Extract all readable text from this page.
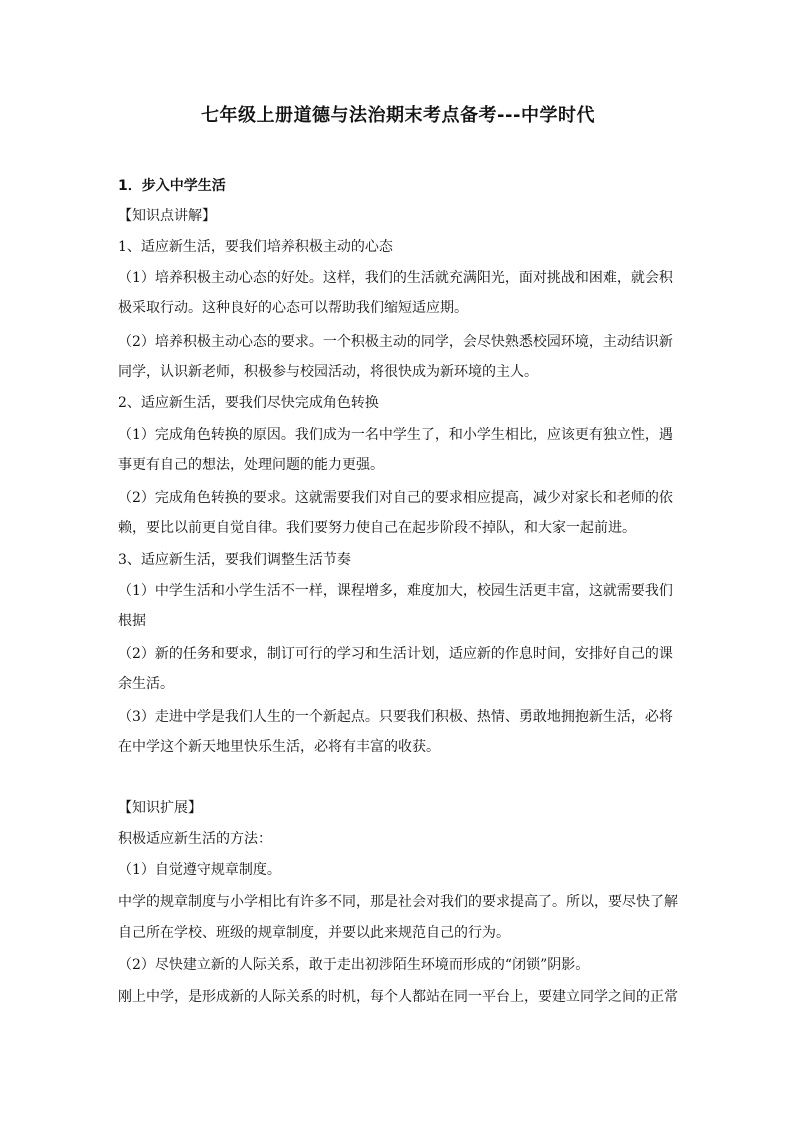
七年级上册道德与法治期末考点备考---中学时代
1．步入中学生活
【知识点讲解】
1、适应新生活，要我们培养积极主动的心态
（1）培养积极主动心态的好处。这样，我们的生活就充满阳光，面对挑战和困难，就会积
极采取行动。这种良好的心态可以帮助我们缩短适应期。
（2）培养积极主动心态的要求。一个积极主动的同学，会尽快熟悉校园环境，主动结识新
同学，认识新老师，积极参与校园活动，将很快成为新环境的主人。
2、适应新生活，要我们尽快完成角色转换
（1）完成角色转换的原因。我们成为一名中学生了，和小学生相比，应该更有独立性，遇
事更有自己的想法，处理问题的能力更强。
（2）完成角色转换的要求。这就需要我们对自己的要求相应提高，减少对家长和老师的依
赖，要比以前更自觉自律。我们要努力使自己在起步阶段不掉队，和大家一起前进。
3、适应新生活，要我们调整生活节奏
（1）中学生活和小学生活不一样，课程增多，难度加大，校园生活更丰富，这就需要我们
根据
（2）新的任务和要求，制订可行的学习和生活计划，适应新的作息时间，安排好自己的课
余生活。
（3）走进中学是我们人生的一个新起点。只要我们积极、热情、勇敢地拥抱新生活，必将
在中学这个新天地里快乐生活，必将有丰富的收获。
【知识扩展】
积极适应新生活的方法：
（1）自觉遵守规章制度。
中学的规章制度与小学相比有许多不同，那是社会对我们的要求提高了。所以，要尽快了解
自己所在学校、班级的规章制度，并要以此来规范自己的行为。
（2）尽快建立新的人际关系，敢于走出初涉陌生环境而形成的“闭锁”阴影。
刚上中学，是形成新的人际关系的时机，每个人都站在同一平台上，要建立同学之间的正常
